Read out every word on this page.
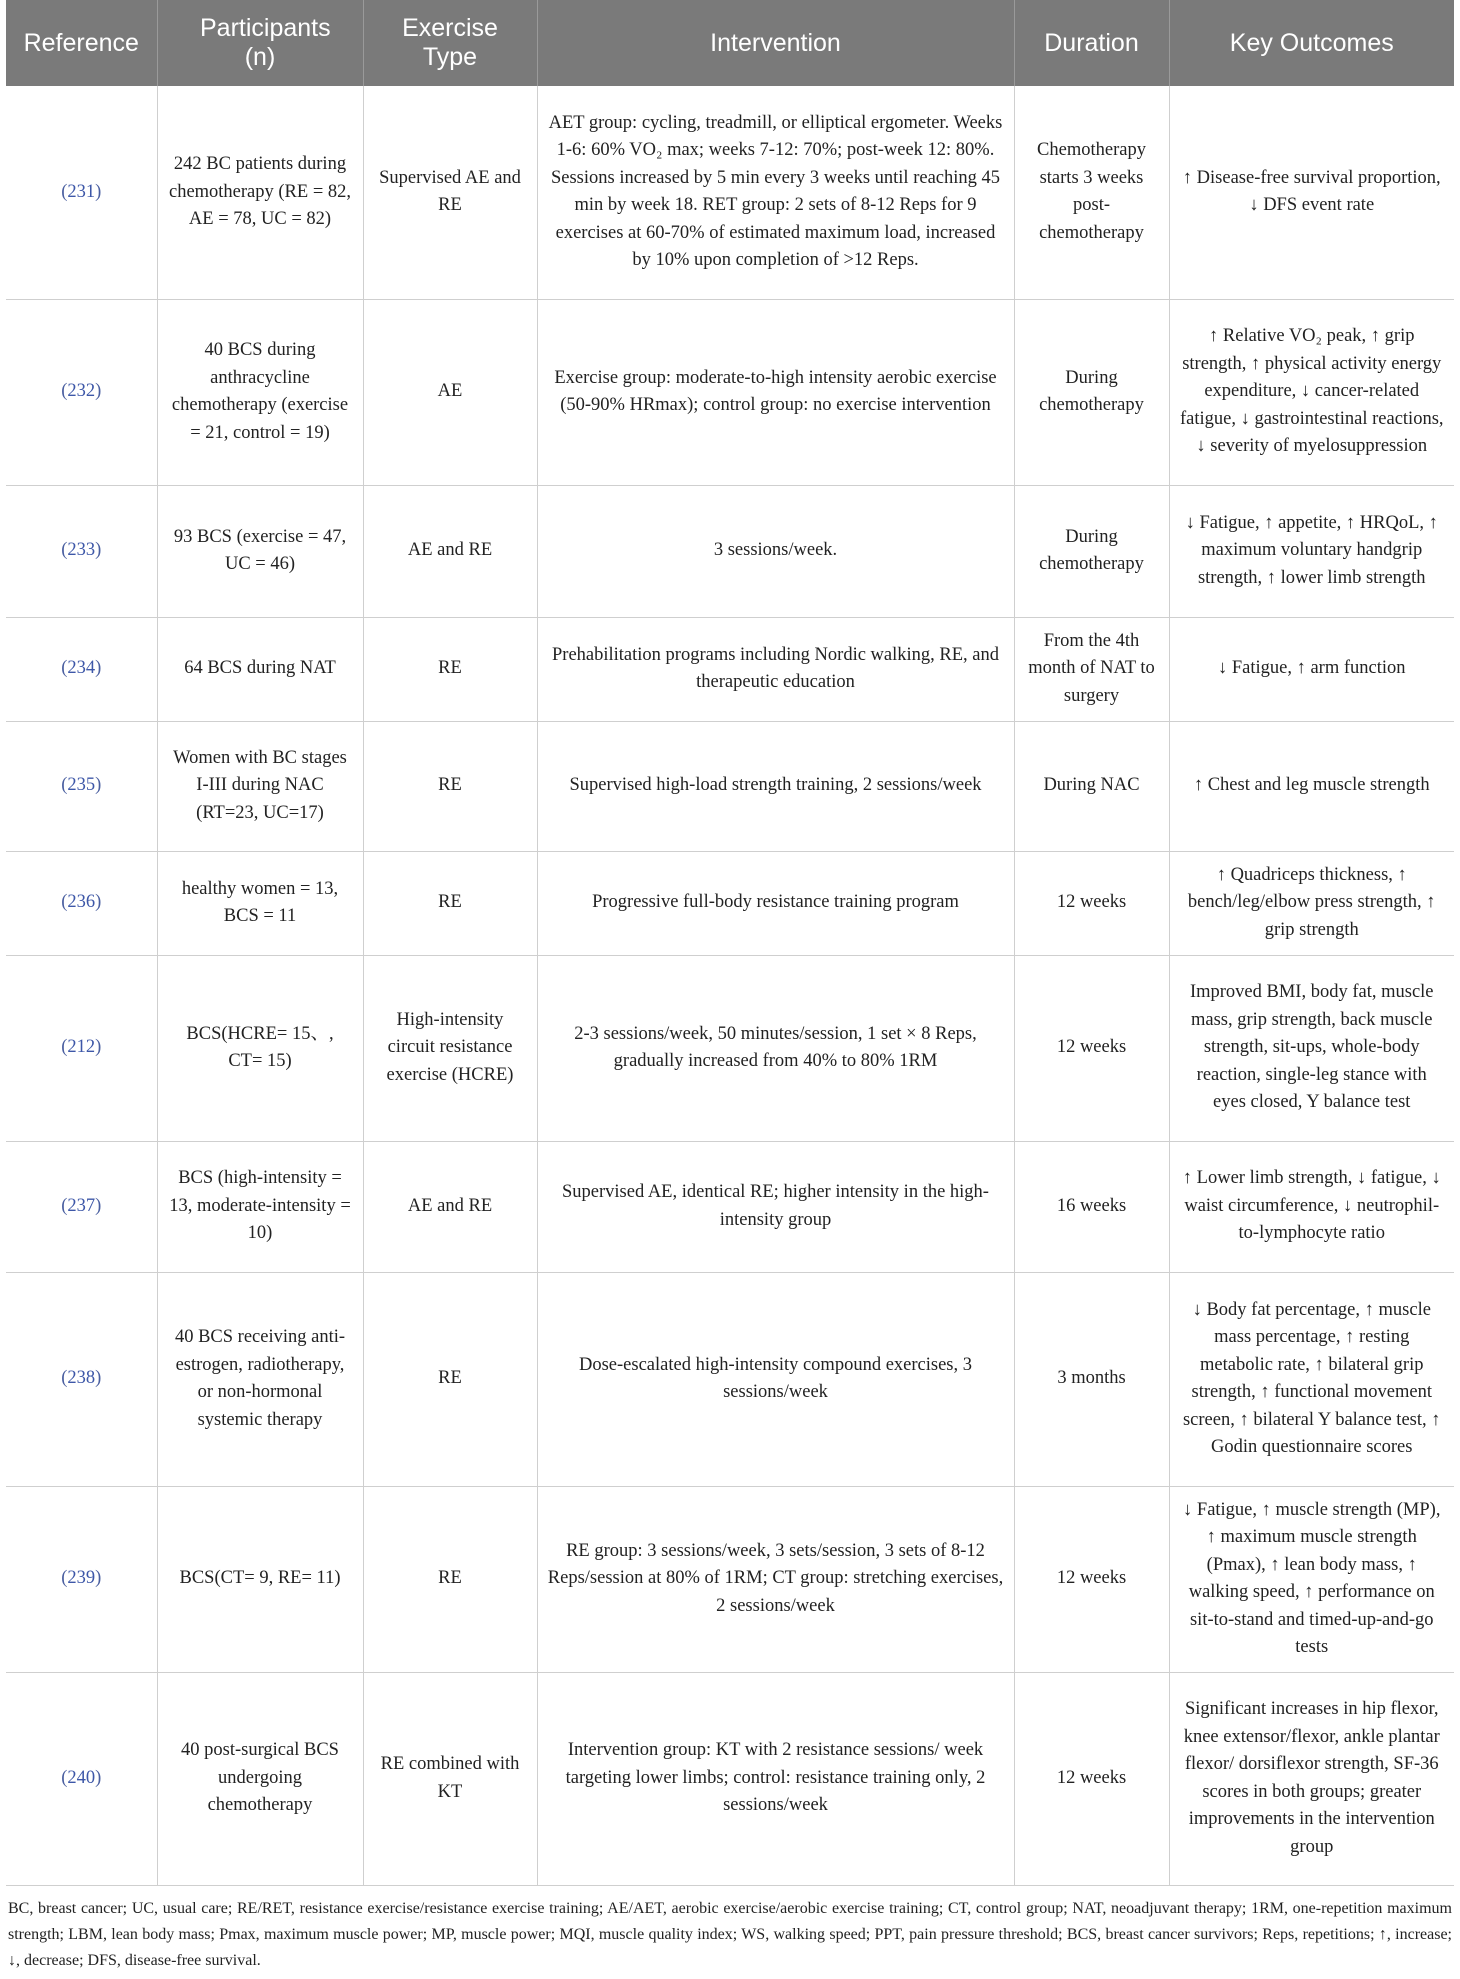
Reference	Participants (n)	Exercise Type	Intervention	Duration	Key Outcomes
(231)	242 BC patients during chemotherapy (RE = 82, AE = 78, UC = 82)	Supervised AE and RE	AET group: cycling, treadmill, or elliptical ergometer. Weeks 1-6: 60% VO₂ max; weeks 7-12: 70%; post-week 12: 80%. Sessions increased by 5 min every 3 weeks until reaching 45 min by week 18. RET group: 2 sets of 8-12 Reps for 9 exercises at 60-70% of estimated maximum load, increased by 10% upon completion of >12 Reps.	Chemotherapy starts 3 weeks post-chemotherapy	↑ Disease-free survival proportion, ↓ DFS event rate
(232)	40 BCS during anthracycline chemotherapy (exercise = 21, control = 19)	AE	Exercise group: moderate-to-high intensity aerobic exercise (50-90% HRmax); control group: no exercise intervention	During chemotherapy	↑ Relative VO₂ peak, ↑ grip strength, ↑ physical activity energy expenditure, ↓ cancer-related fatigue, ↓ gastrointestinal reactions, ↓ severity of myelosuppression
(233)	93 BCS (exercise = 47, UC = 46)	AE and RE	3 sessions/week.	During chemotherapy	↓ Fatigue, ↑ appetite, ↑ HRQoL, ↑ maximum voluntary handgrip strength, ↑ lower limb strength
(234)	64 BCS during NAT	RE	Prehabilitation programs including Nordic walking, RE, and therapeutic education	From the 4th month of NAT to surgery	↓ Fatigue, ↑ arm function
(235)	Women with BC stages I-III during NAC (RT=23, UC=17)	RE	Supervised high-load strength training, 2 sessions/week	During NAC	↑ Chest and leg muscle strength
(236)	healthy women = 13, BCS = 11	RE	Progressive full-body resistance training program	12 weeks	↑ Quadriceps thickness, ↑ bench/leg/elbow press strength, ↑ grip strength
(212)	BCS(HCRE= 15、, CT= 15)	High-intensity circuit resistance exercise (HCRE)	2-3 sessions/week, 50 minutes/session, 1 set × 8 Reps, gradually increased from 40% to 80% 1RM	12 weeks	Improved BMI, body fat, muscle mass, grip strength, back muscle strength, sit-ups, whole-body reaction, single-leg stance with eyes closed, Y balance test
(237)	BCS (high-intensity = 13, moderate-intensity = 10)	AE and RE	Supervised AE, identical RE; higher intensity in the high-intensity group	16 weeks	↑ Lower limb strength, ↓ fatigue, ↓ waist circumference, ↓ neutrophil-to-lymphocyte ratio
(238)	40 BCS receiving anti-estrogen, radiotherapy, or non-hormonal systemic therapy	RE	Dose-escalated high-intensity compound exercises, 3 sessions/week	3 months	↓ Body fat percentage, ↑ muscle mass percentage, ↑ resting metabolic rate, ↑ bilateral grip strength, ↑ functional movement screen, ↑ bilateral Y balance test, ↑ Godin questionnaire scores
(239)	BCS(CT= 9, RE= 11)	RE	RE group: 3 sessions/week, 3 sets/session, 3 sets of 8-12 Reps/session at 80% of 1RM; CT group: stretching exercises, 2 sessions/week	12 weeks	↓ Fatigue, ↑ muscle strength (MP), ↑ maximum muscle strength (Pmax), ↑ lean body mass, ↑ walking speed, ↑ performance on sit-to-stand and timed-up-and-go tests
(240)	40 post-surgical BCS undergoing chemotherapy	RE combined with KT	Intervention group: KT with 2 resistance sessions/ week targeting lower limbs; control: resistance training only, 2 sessions/week	12 weeks	Significant increases in hip flexor, knee extensor/flexor, ankle plantar flexor/ dorsiflexor strength, SF-36 scores in both groups; greater improvements in the intervention group
BC, breast cancer; UC, usual care; RE/RET, resistance exercise/resistance exercise training; AE/AET, aerobic exercise/aerobic exercise training; CT, control group; NAT, neoadjuvant therapy; 1RM, one-repetition maximum strength; LBM, lean body mass; Pmax, maximum muscle power; MP, muscle power; MQI, muscle quality index; WS, walking speed; PPT, pain pressure threshold; BCS, breast cancer survivors; Reps, repetitions; ↑, increase; ↓, decrease; DFS, disease-free survival.
